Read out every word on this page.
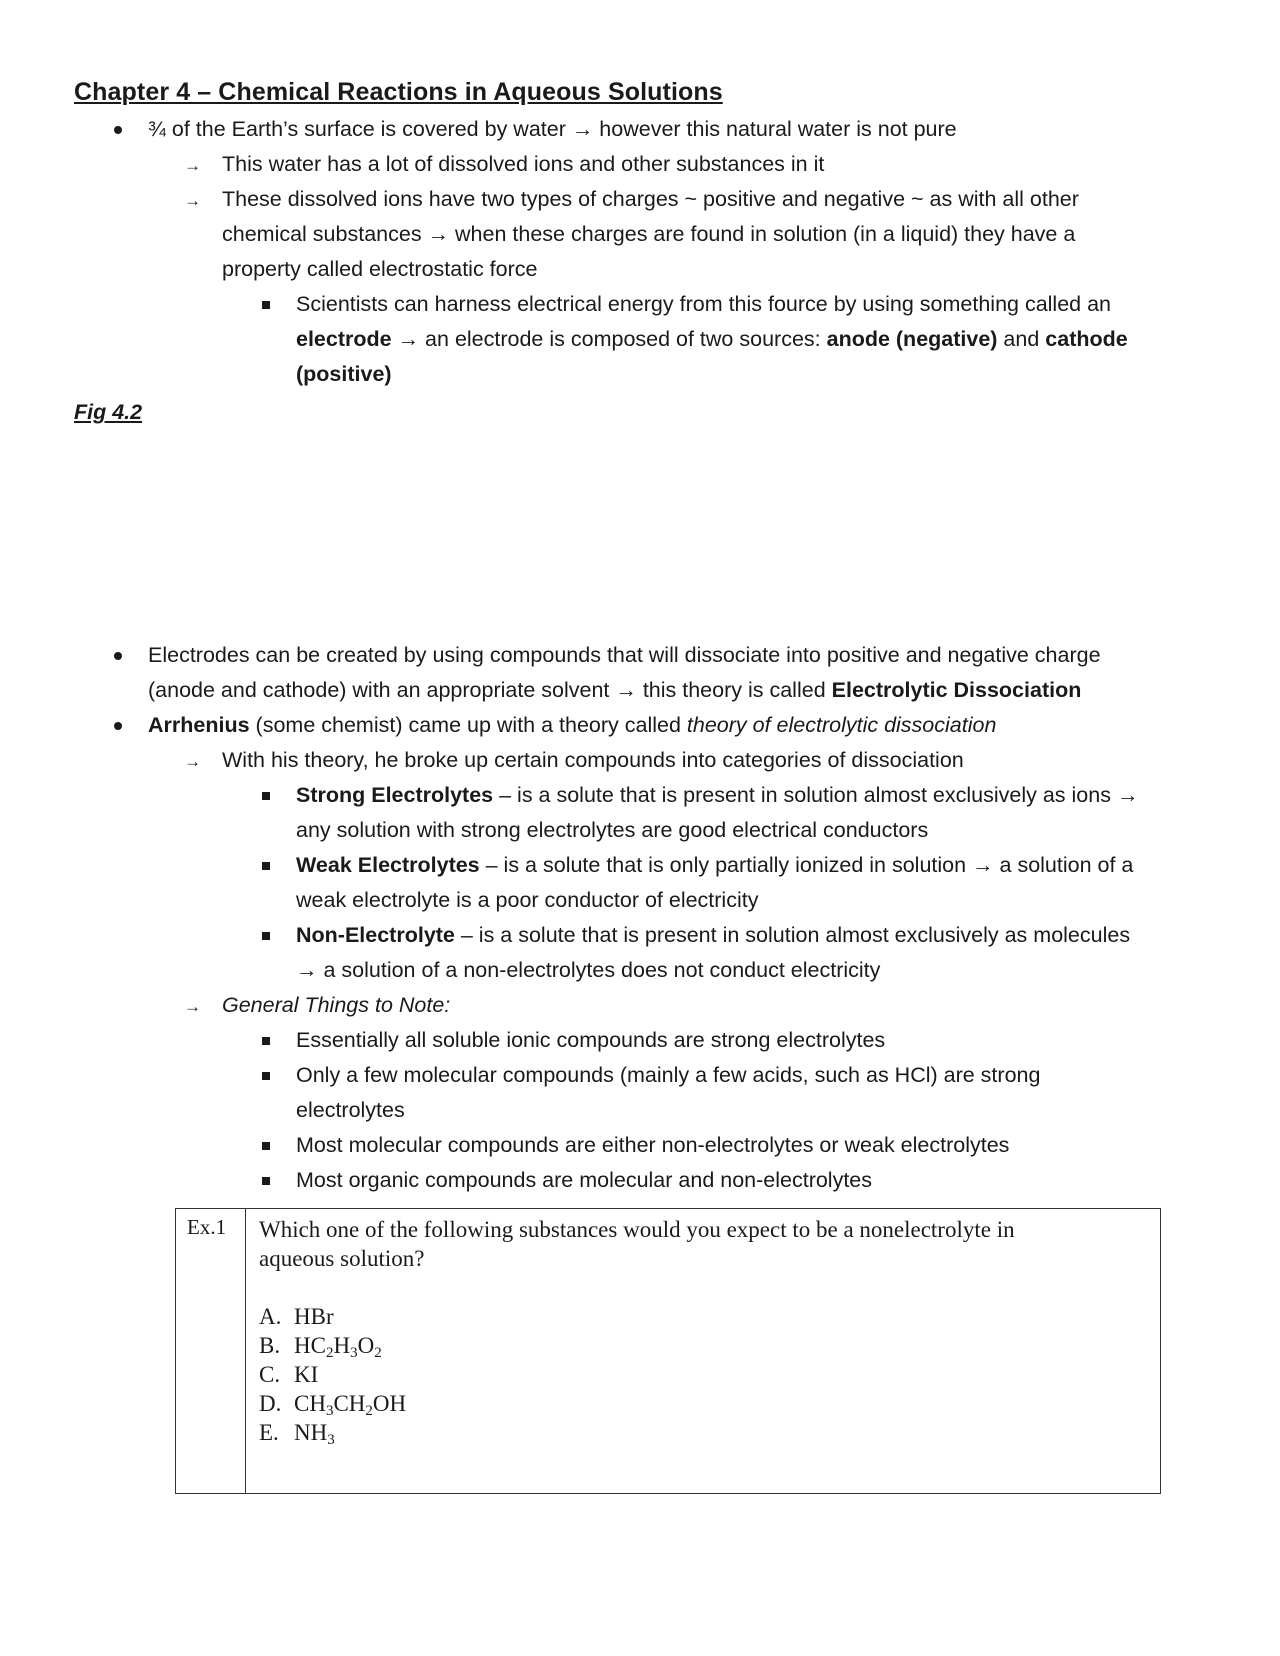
Chapter 4 – Chemical Reactions in Aqueous Solutions
¾ of the Earth’s surface is covered by water → however this natural water is not pure
→ This water has a lot of dissolved ions and other substances in it
→ These dissolved ions have two types of charges ~ positive and negative ~ as with all other
chemical substances → when these charges are found in solution (in a liquid) they have a
property called electrostatic force
Scientists can harness electrical energy from this fource by using something called an
electrode → an electrode is composed of two sources: anode (negative) and cathode
(positive)
Fig 4.2
Electrodes can be created by using compounds that will dissociate into positive and negative charge
(anode and cathode) with an appropriate solvent → this theory is called Electrolytic Dissociation
Arrhenius (some chemist) came up with a theory called theory of electrolytic dissociation
→ With his theory, he broke up certain compounds into categories of dissociation
Strong Electrolytes – is a solute that is present in solution almost exclusively as ions →
any solution with strong electrolytes are good electrical conductors
Weak Electrolytes – is a solute that is only partially ionized in solution → a solution of a
weak electrolyte is a poor conductor of electricity
Non-Electrolyte – is a solute that is present in solution almost exclusively as molecules
→ a solution of a non-electrolytes does not conduct electricity
→ General Things to Note:
Essentially all soluble ionic compounds are strong electrolytes
Only a few molecular compounds (mainly a few acids, such as HCl) are strong
electrolytes
Most molecular compounds are either non-electrolytes or weak electrolytes
Most organic compounds are molecular and non-electrolytes
Ex.1	Which one of the following substances would you expect to be a nonelectrolyte in
aqueous solution?

A. HBr
B. $HC_2H_3O_2$
C. KI
D. $CH_3CH_2OH$
E. $NH_3$
